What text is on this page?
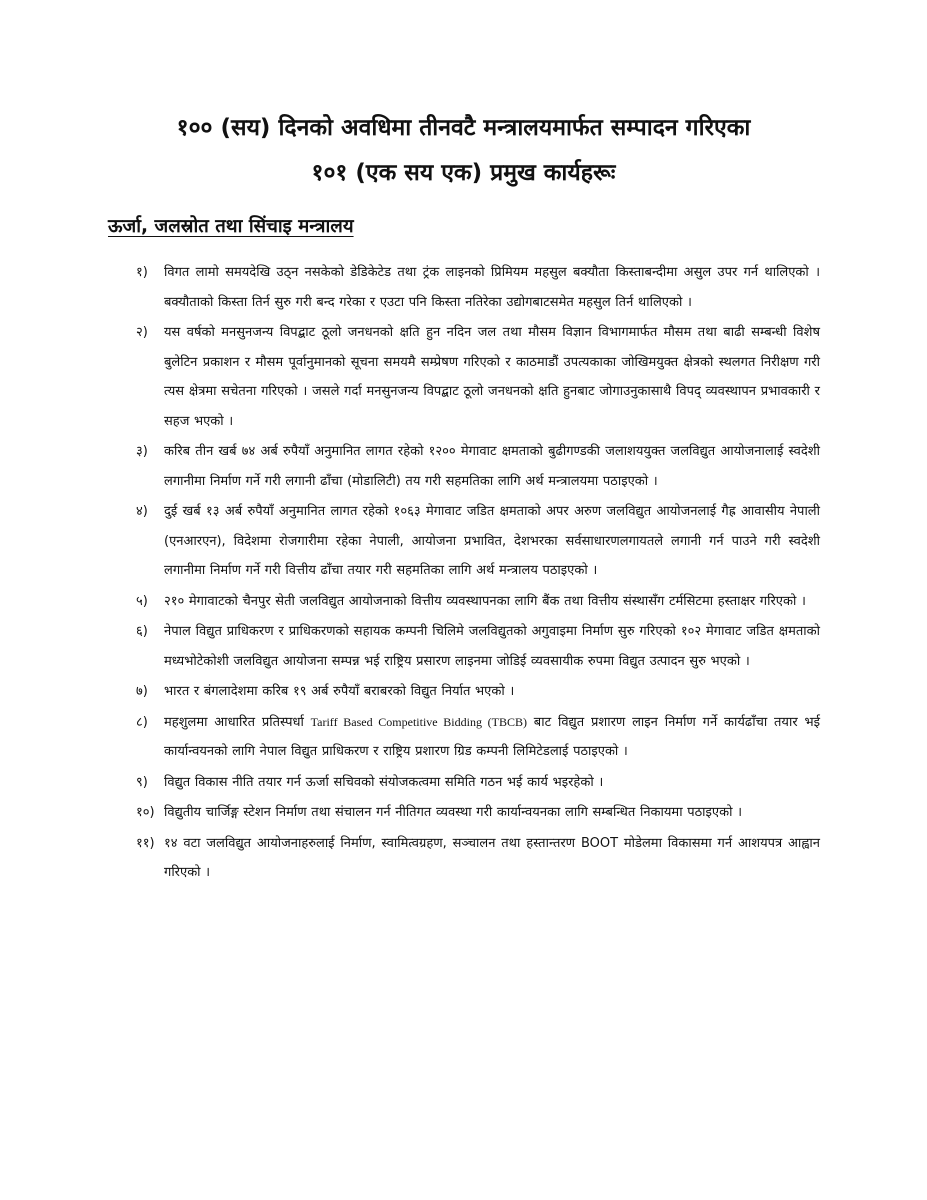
१०० (सय) दिनको अवधिमा तीनवटै मन्त्रालयमार्फत सम्पादन गरिएका
१०१ (एक सय एक) प्रमुख कार्यहरूः
ऊर्जा, जलस्रोत तथा सिंचाइ मन्त्रालय
१)	विगत लामो समयदेखि उठ्न नसकेको डेडिकेटेड तथा ट्रंक लाइनको प्रिमियम महसुल बक्यौता किस्ताबन्दीमा असुल उपर गर्न थालिएको । बक्यौताको किस्ता तिर्न सुरु गरी बन्द गरेका र एउटा पनि किस्ता नतिरेका उद्योगबाटसमेत महसुल तिर्न थालिएको ।
२)	यस वर्षको मनसुनजन्य विपद्बाट ठूलो जनधनको क्षति हुन नदिन जल तथा मौसम विज्ञान विभागमार्फत मौसम तथा बाढी सम्बन्धी विशेष बुलेटिन प्रकाशन र मौसम पूर्वानुमानको सूचना समयमै सम्प्रेषण गरिएको र काठमाडौं उपत्यकाका जोखिमयुक्त क्षेत्रको स्थलगत निरीक्षण गरी त्यस क्षेत्रमा सचेतना गरिएको । जसले गर्दा मनसुनजन्य विपद्बाट ठूलो जनधनको क्षति हुनबाट जोगाउनुकासाथै विपद् व्यवस्थापन प्रभावकारी र सहज भएको ।
३)	करिब तीन खर्ब ७४ अर्ब रुपैयाँ अनुमानित लागत रहेको १२०० मेगावाट क्षमताको बुढीगण्डकी जलाशययुक्त जलविद्युत आयोजनालाई स्वदेशी लगानीमा निर्माण गर्ने गरी लगानी ढाँचा (मोडालिटी) तय गरी सहमतिका लागि अर्थ मन्त्रालयमा पठाइएको ।
४)	दुई खर्ब १३ अर्ब रुपैयाँ अनुमानित लागत रहेको १०६३ मेगावाट जडित क्षमताको अपर अरुण जलविद्युत आयोजनलाई गैह्र आवासीय नेपाली (एनआरएन), विदेशमा रोजगारीमा रहेका नेपाली, आयोजना प्रभावित, देशभरका सर्वसाधारणलगायतले लगानी गर्न पाउने गरी स्वदेशी लगानीमा निर्माण गर्ने गरी वित्तीय ढाँचा तयार गरी सहमतिका लागि अर्थ मन्त्रालय पठाइएको ।
५)	२१० मेगावाटको चैनपुर सेती जलविद्युत आयोजनाको वित्तीय व्यवस्थापनका लागि बैंक तथा वित्तीय संस्थासँग टर्मसिटमा हस्ताक्षर गरिएको ।
६)	नेपाल विद्युत प्राधिकरण र प्राधिकरणको सहायक कम्पनी चिलिमे जलविद्युतको अगुवाइमा निर्माण सुरु गरिएको १०२ मेगावाट जडित क्षमताको मध्यभोटेकोशी जलविद्युत आयोजना सम्पन्न भई राष्ट्रिय प्रसारण लाइनमा जोडिई व्यवसायीक रुपमा विद्युत उत्पादन सुरु भएको ।
७)	भारत र बंगलादेशमा करिब १९ अर्ब रुपैयाँ बराबरको विद्युत निर्यात भएको ।
८)	महशुलमा आधारित प्रतिस्पर्धा Tariff Based Competitive Bidding (TBCB) बाट विद्युत प्रशारण लाइन निर्माण गर्ने कार्यढाँचा तयार भई कार्यान्वयनको लागि नेपाल विद्युत प्राधिकरण र राष्ट्रिय प्रशारण ग्रिड कम्पनी लिमिटेडलाई पठाइएको ।
९)	विद्युत विकास नीति तयार गर्न ऊर्जा सचिवको संयोजकत्वमा समिति गठन भई कार्य भइरहेको ।
१०) विद्युतीय चार्जिङ्ग स्टेशन निर्माण तथा संचालन गर्न नीतिगत व्यवस्था गरी कार्यान्वयनका लागि सम्बन्धित निकायमा पठाइएको ।
११) १४ वटा जलविद्युत आयोजनाहरुलाई निर्माण, स्वामित्वग्रहण, सञ्चालन तथा हस्तान्तरण BOOT मोडेलमा विकासमा गर्न आशयपत्र आह्वान गरिएको ।
